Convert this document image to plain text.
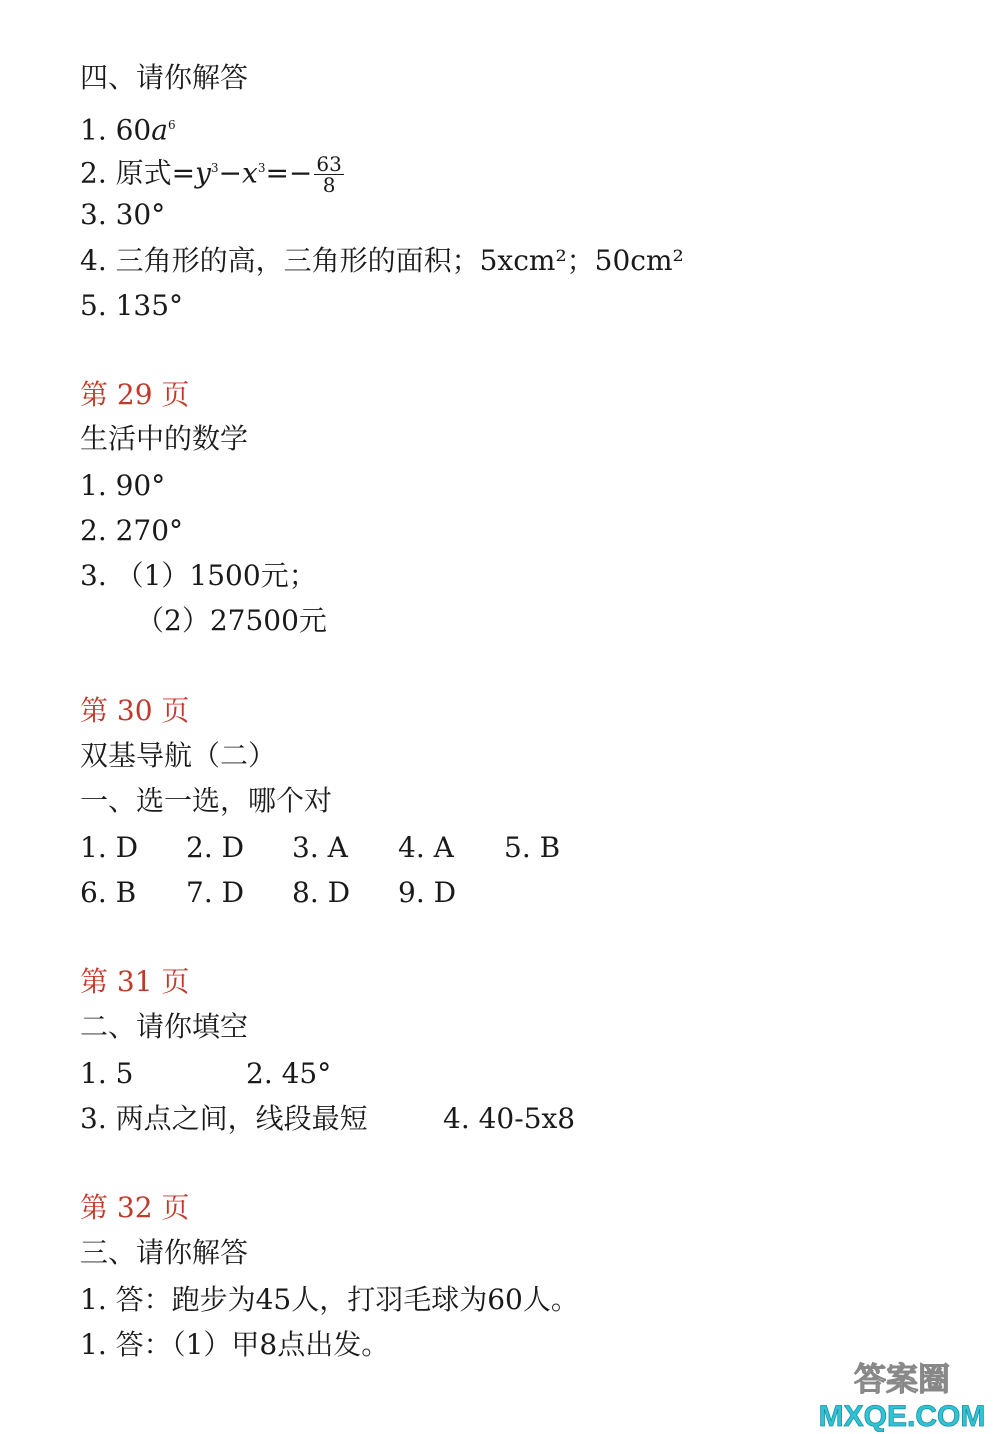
四、请你解答
1. $60a^6$
2. 原式$=y^3-x^3=- \frac{63}{8}$
3. 30°
4. 三角形的高，三角形的面积；5xcm²；50cm²
5. 135°
第 29 页
生活中的数学
1. 90°
2. 270°
3. （1）1500元；
（2）27500元
第 30 页
双基导航（二）
一、选一选，哪个对
1. D 2. D 3. A 4. A 5. B
6. B 7. D 8. D 9. D
第 31 页
二、请你填空
1. 5	2. 45°
3. 两点之间，线段最短	4. 40-5x8
第 32 页
三、请你解答
1. 答：跑步为45人，打羽毛球为60人。
1. 答：（1）甲8点出发。
答案圈
MXQE.COM
